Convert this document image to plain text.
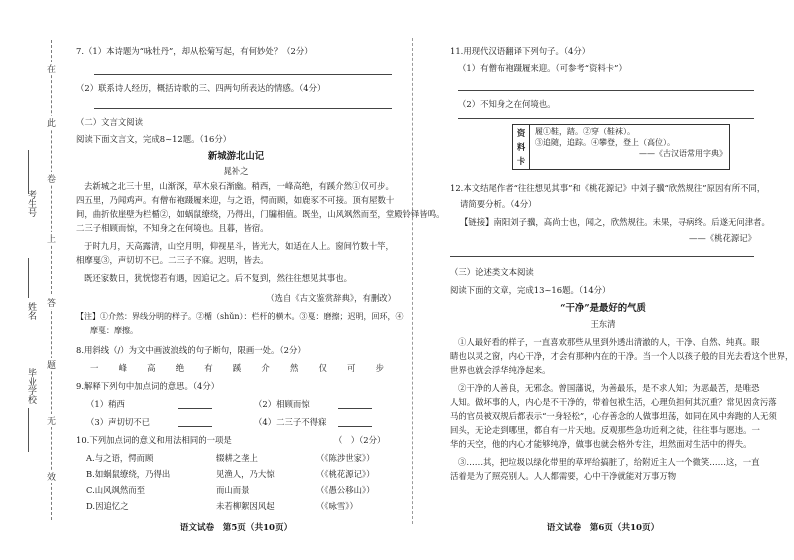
在
此
卷
上
答
题
无
效
考生号
姓名
毕业学校
7.（1）本诗题为“咏牡丹”，却从松菊写起，有何妙处？（2分）
（2）联系诗人经历，概括诗歌的三、四两句所表达的情感。（4分）
（二）文言文阅读
阅读下面文言文，完成8~12题。（16分）
新城游北山记
晁补之
去新城之北三十里，山渐深，草木泉石渐幽。稍西，一峰高绝，有蹊介然①仅可步。
四五里，乃闻鸡声。有僧布袍蹑履来迎，与之语，愕而顾，如鹿豕不可接。顶有屋数十
间，曲折依崖壁为栏楯②，如蜗鼠缭绕，乃得出，门牖相值。既坐，山风飒然而至，堂殿铃铎皆鸣。
二三子相顾而惊，不知身之在何境也。且暮，皆宿。
于时九月，天高露清，山空月明，仰视星斗，皆光大，如适在人上。窗间竹数十竿，
相摩戛③，声切切不已。二三子不寐。迟明，皆去。
既还家数日，犹恍惚若有遇，因追记之。后不复到，然往往想见其事也。
（选自《古文鉴赏辞典》，有删改）
【注】①介然：界线分明的样子。②楯（shǔn）：栏杆的横木。③戛：磨擦；迟明，回环，④
摩戛：摩擦。
8.用斜线（/）为文中画波浪线的句子断句，限画一处。（2分）
一 峰 高 绝 有 蹊 介 然 仅 可 步
9.解释下列句中加点词的意思。（4分）
（1）稍西	（2）相顾而惊
（3）声切切不已	（4）二三子不得寐
10.下列加点词的意义和用法相同的一项是	（　）（2分）
A.与之语，愕而顾	辍耕之垄上	（《陈涉世家》）
B.如蜗鼠缭绕，乃得出	见渔人，乃大惊	（《桃花源记》）
C.山风飒然而至	而山而景	（《愚公移山》）
D.因追忆之	未若柳絮因风起	（《咏雪》）
语文试卷　第5页（共10页）
11.用现代汉语翻译下列句子。（4分）
（1）有僧布袍蹑履来迎。（可参考“资料卡”）
（2）不知身之在何境也。
资
料
卡
履①鞋，踏。②穿（鞋袜）。
③追随，追踪。④攀登，登上（高位）。
——《古汉语常用字典》
12.本文结尾作者“往往想见其事”和《桃花源记》中刘子骥“欣然规往”原因有所不同，
请简要分析。（4分）
【链接】南阳刘子骥，高尚士也，闻之，欣然规往。未果，寻病终。后遂无问津者。
——《桃花源记》
（三）论述类文本阅读
阅读下面的文章，完成13~16题。（14分）
“干净”是最好的气质
王东清
①人最好看的样子，一直喜欢那些从里到外透出清澈的人，干净、自然、纯真。眼
睛也以灵之窗，内心干净，才会有那种内在的干净。当一个人以孩子般的目光去看这个世界，
世界也就会浮华纯净起来。
②干净的人善良，无邪念。曾国藩说，为善最乐，是不求人知；为恶最苦，是唯恐
人知。做坏事的人，内心是不干净的，带着包袱生活，心理负担何其沉重？常见因贪污落
马的官员被双规后都表示“一身轻松”，心存善念的人做事坦荡，如同在风中奔跑的人无须
回头，无论走到哪里，都自有一片天地。反观那些急功近利之徒，往往事与愿违。一
华的天空，他的内心才能够纯净，做事也就会格外专注，坦然面对生活中的得失。
③……其，把垃圾以绿化带里的草坪给搞脏了，给附近主人一个微笑……这，一直
活着是为了照亮别人。人人都需要，心中干净就能对万事万物
语文试卷　第6页（共10页）
